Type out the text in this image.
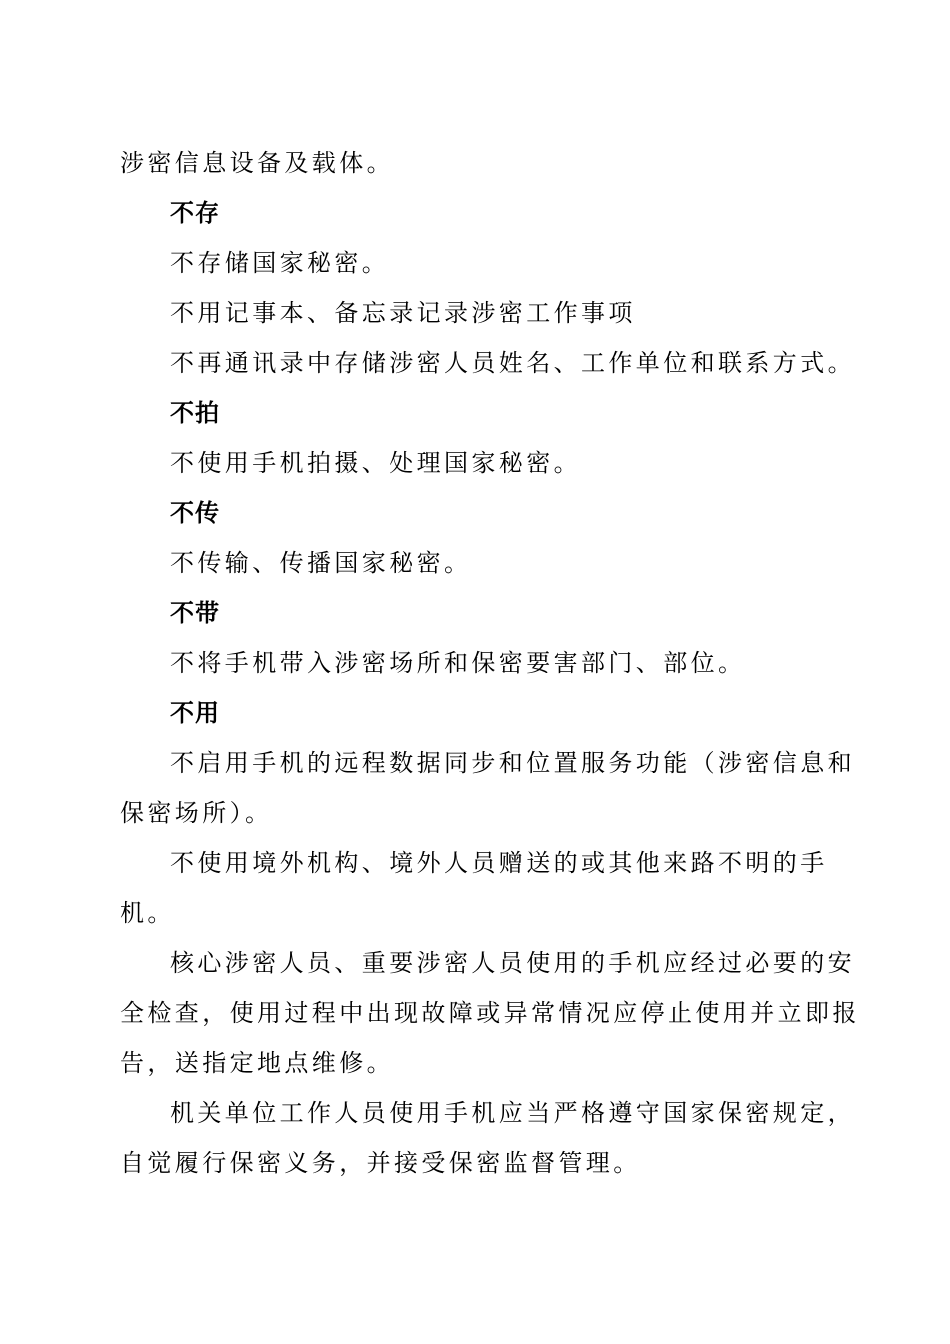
涉密信息设备及载体。
不存
不存储国家秘密。
不用记事本、备忘录记录涉密工作事项
不再通讯录中存储涉密人员姓名、工作单位和联系方式。
不拍
不使用手机拍摄、处理国家秘密。
不传
不传输、传播国家秘密。
不带
不将手机带入涉密场所和保密要害部门、部位。
不用
不启用手机的远程数据同步和位置服务功能（涉密信息和
保密场所）。
不使用境外机构、境外人员赠送的或其他来路不明的手
机。
核心涉密人员、重要涉密人员使用的手机应经过必要的安
全检查，使用过程中出现故障或异常情况应停止使用并立即报
告，送指定地点维修。
机关单位工作人员使用手机应当严格遵守国家保密规定，
自觉履行保密义务，并接受保密监督管理。
